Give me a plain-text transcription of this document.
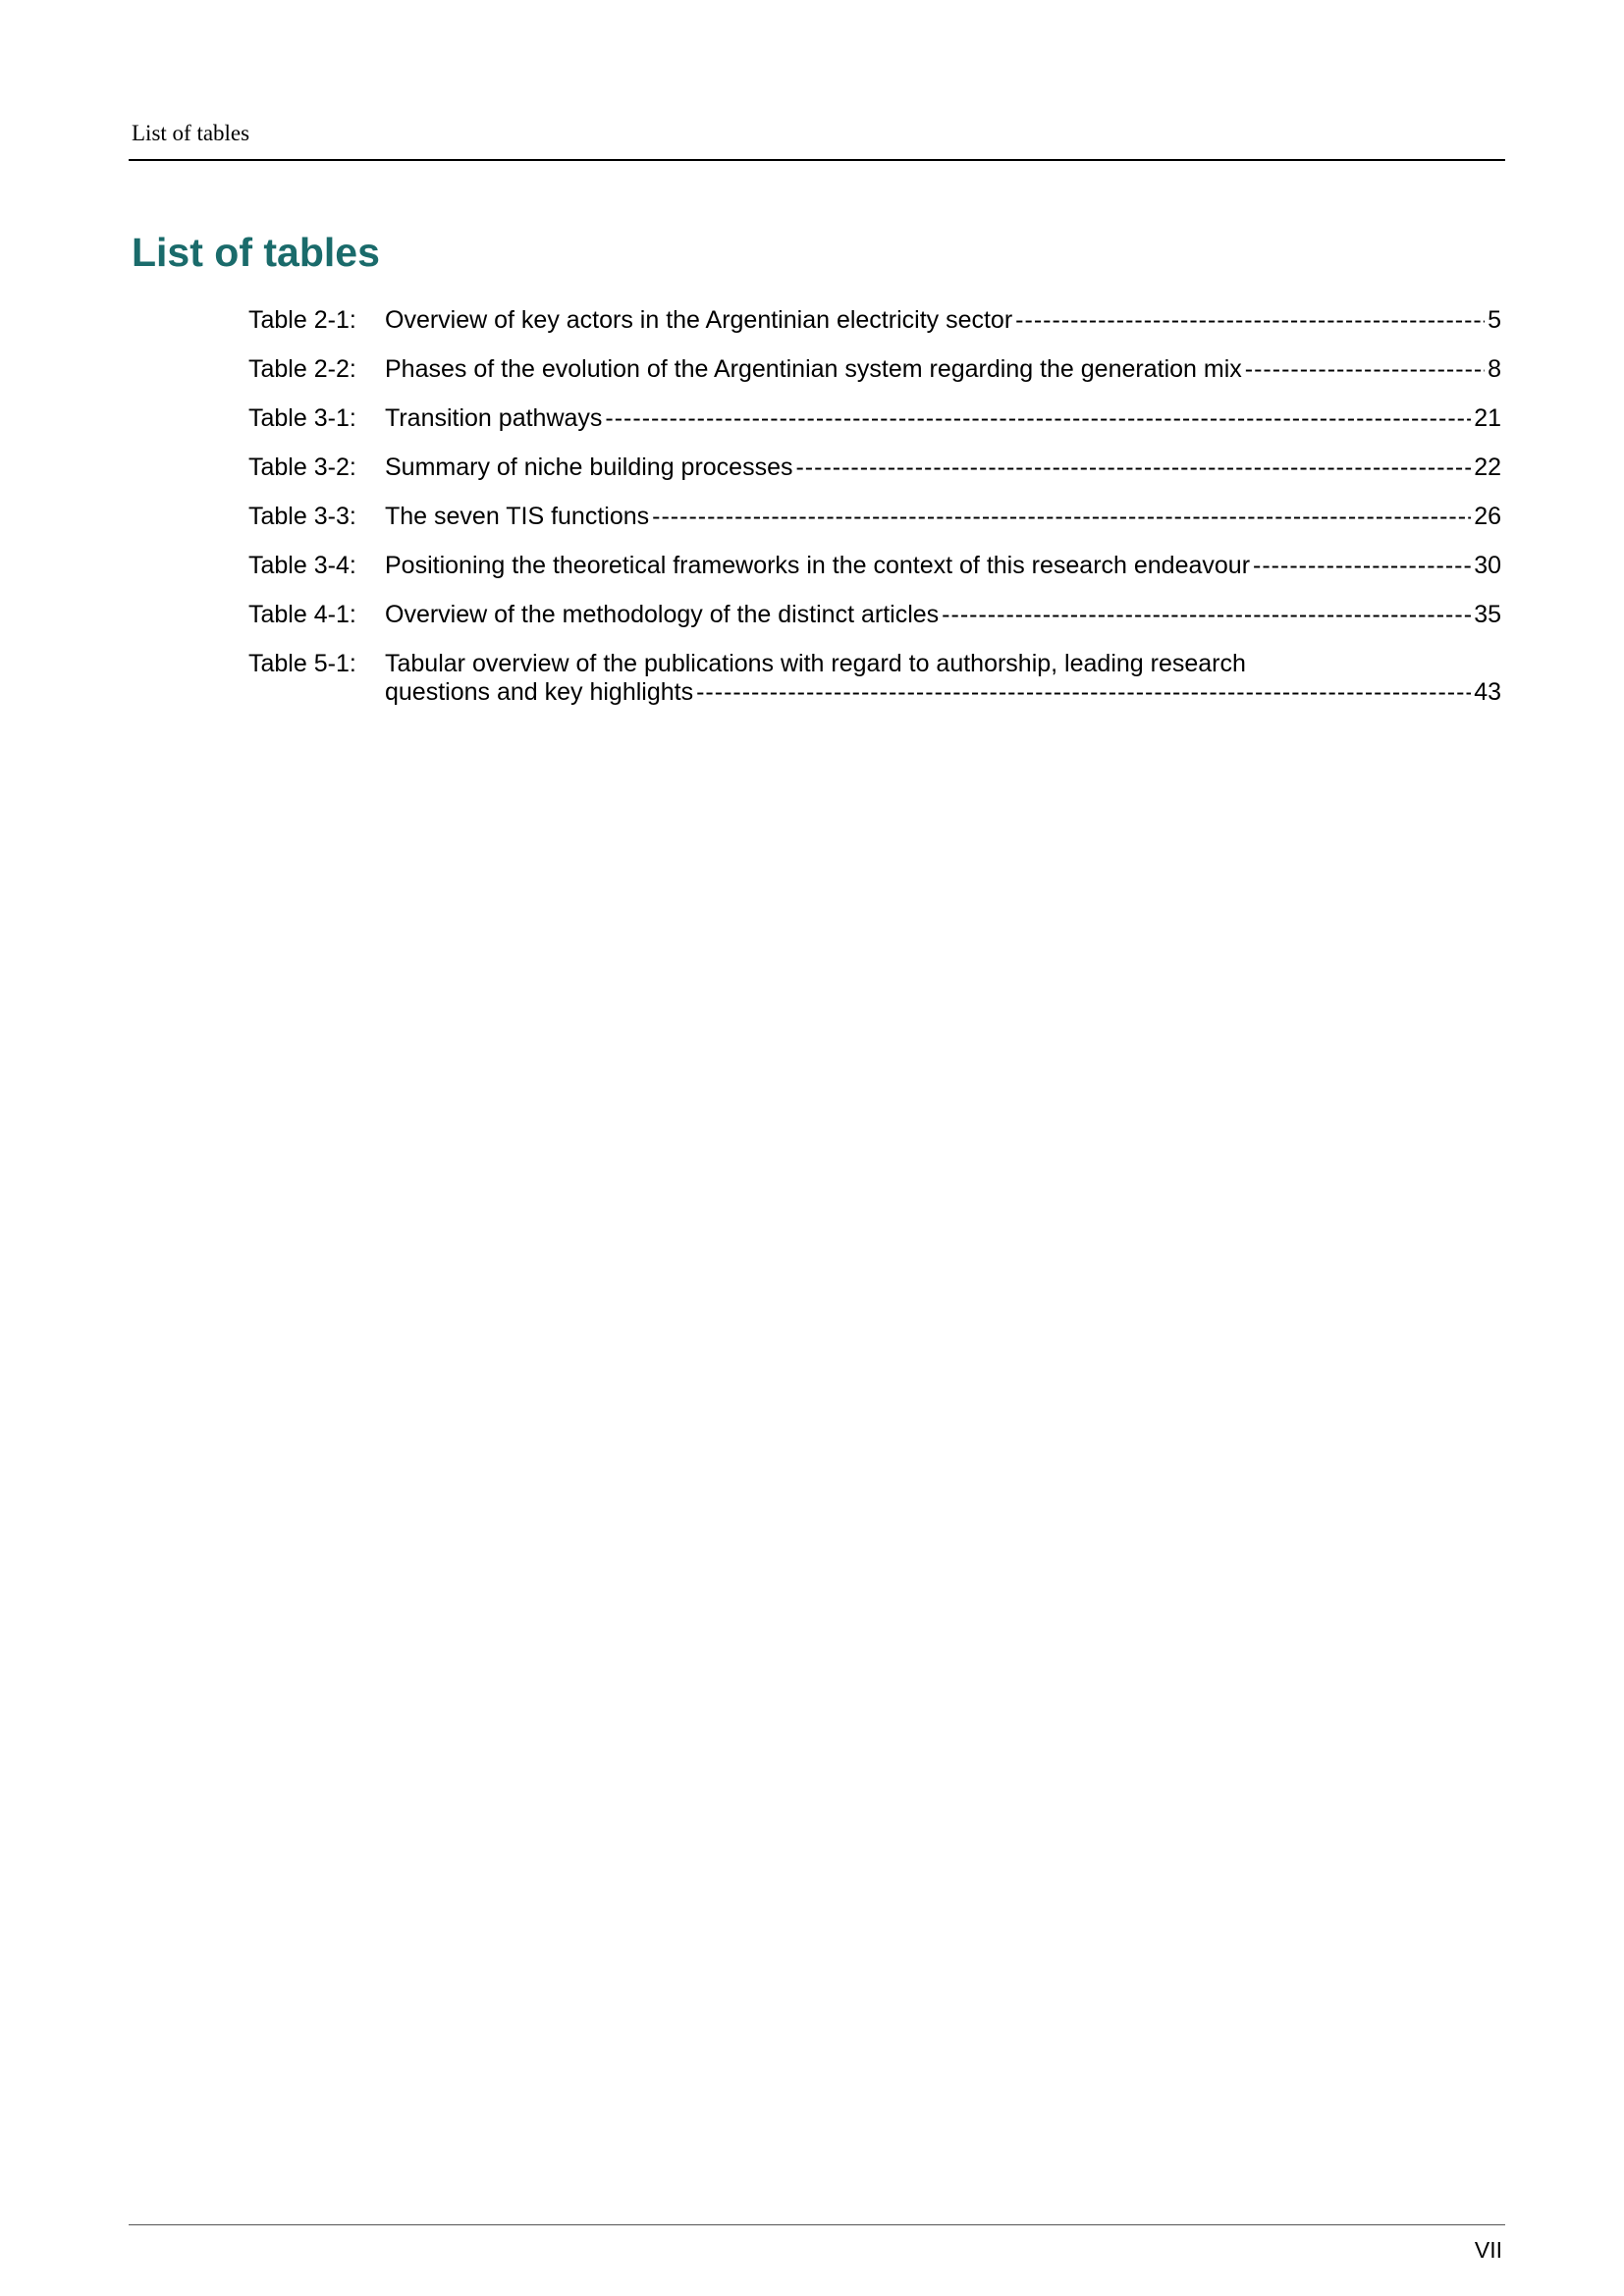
List of tables
List of tables
Table 2-1:	Overview of key actors in the Argentinian electricity sector -----	5
Table 2-2:	Phases of the evolution of the Argentinian system regarding the generation mix -----	8
Table 3-1:	Transition pathways -----	21
Table 3-2:	Summary of niche building processes -----	22
Table 3-3:	The seven TIS functions -----	26
Table 3-4:	Positioning the theoretical frameworks in the context of this research endeavour -----	30
Table 4-1:	Overview of the methodology of the distinct articles -----	35
Table 5-1:	Tabular overview of the publications with regard to authorship, leading research
questions and key highlights -----	43
VII
